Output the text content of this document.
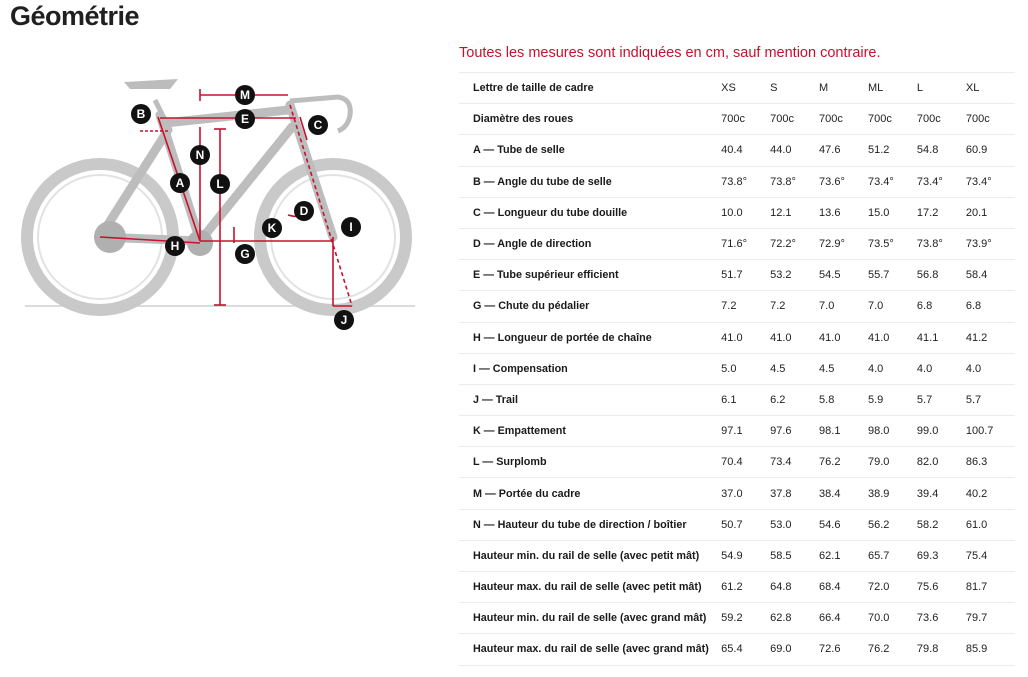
Géométrie
A
B
C
D
E
G
H
I
J
K
L
M
N
Toutes les mesures sont indiquées en cm, sauf mention contraire.
Lettre de taille de cadre	XS	S	M	ML	L	XL
Diamètre des roues	700c	700c	700c	700c	700c	700c
A — Tube de selle	40.4	44.0	47.6	51.2	54.8	60.9
B — Angle du tube de selle	73.8°	73.8°	73.6°	73.4°	73.4°	73.4°
C — Longueur du tube douille	10.0	12.1	13.6	15.0	17.2	20.1
D — Angle de direction	71.6°	72.2°	72.9°	73.5°	73.8°	73.9°
E — Tube supérieur efficient	51.7	53.2	54.5	55.7	56.8	58.4
G — Chute du pédalier	7.2	7.2	7.0	7.0	6.8	6.8
H — Longueur de portée de chaîne	41.0	41.0	41.0	41.0	41.1	41.2
I — Compensation	5.0	4.5	4.5	4.0	4.0	4.0
J — Trail	6.1	6.2	5.8	5.9	5.7	5.7
K — Empattement	97.1	97.6	98.1	98.0	99.0	100.7
L — Surplomb	70.4	73.4	76.2	79.0	82.0	86.3
M — Portée du cadre	37.0	37.8	38.4	38.9	39.4	40.2
N — Hauteur du tube de direction / boîtier	50.7	53.0	54.6	56.2	58.2	61.0
Hauteur min. du rail de selle (avec petit mât)	54.9	58.5	62.1	65.7	69.3	75.4
Hauteur max. du rail de selle (avec petit mât)	61.2	64.8	68.4	72.0	75.6	81.7
Hauteur min. du rail de selle (avec grand mât)	59.2	62.8	66.4	70.0	73.6	79.7
Hauteur max. du rail de selle (avec grand mât)	65.4	69.0	72.6	76.2	79.8	85.9
